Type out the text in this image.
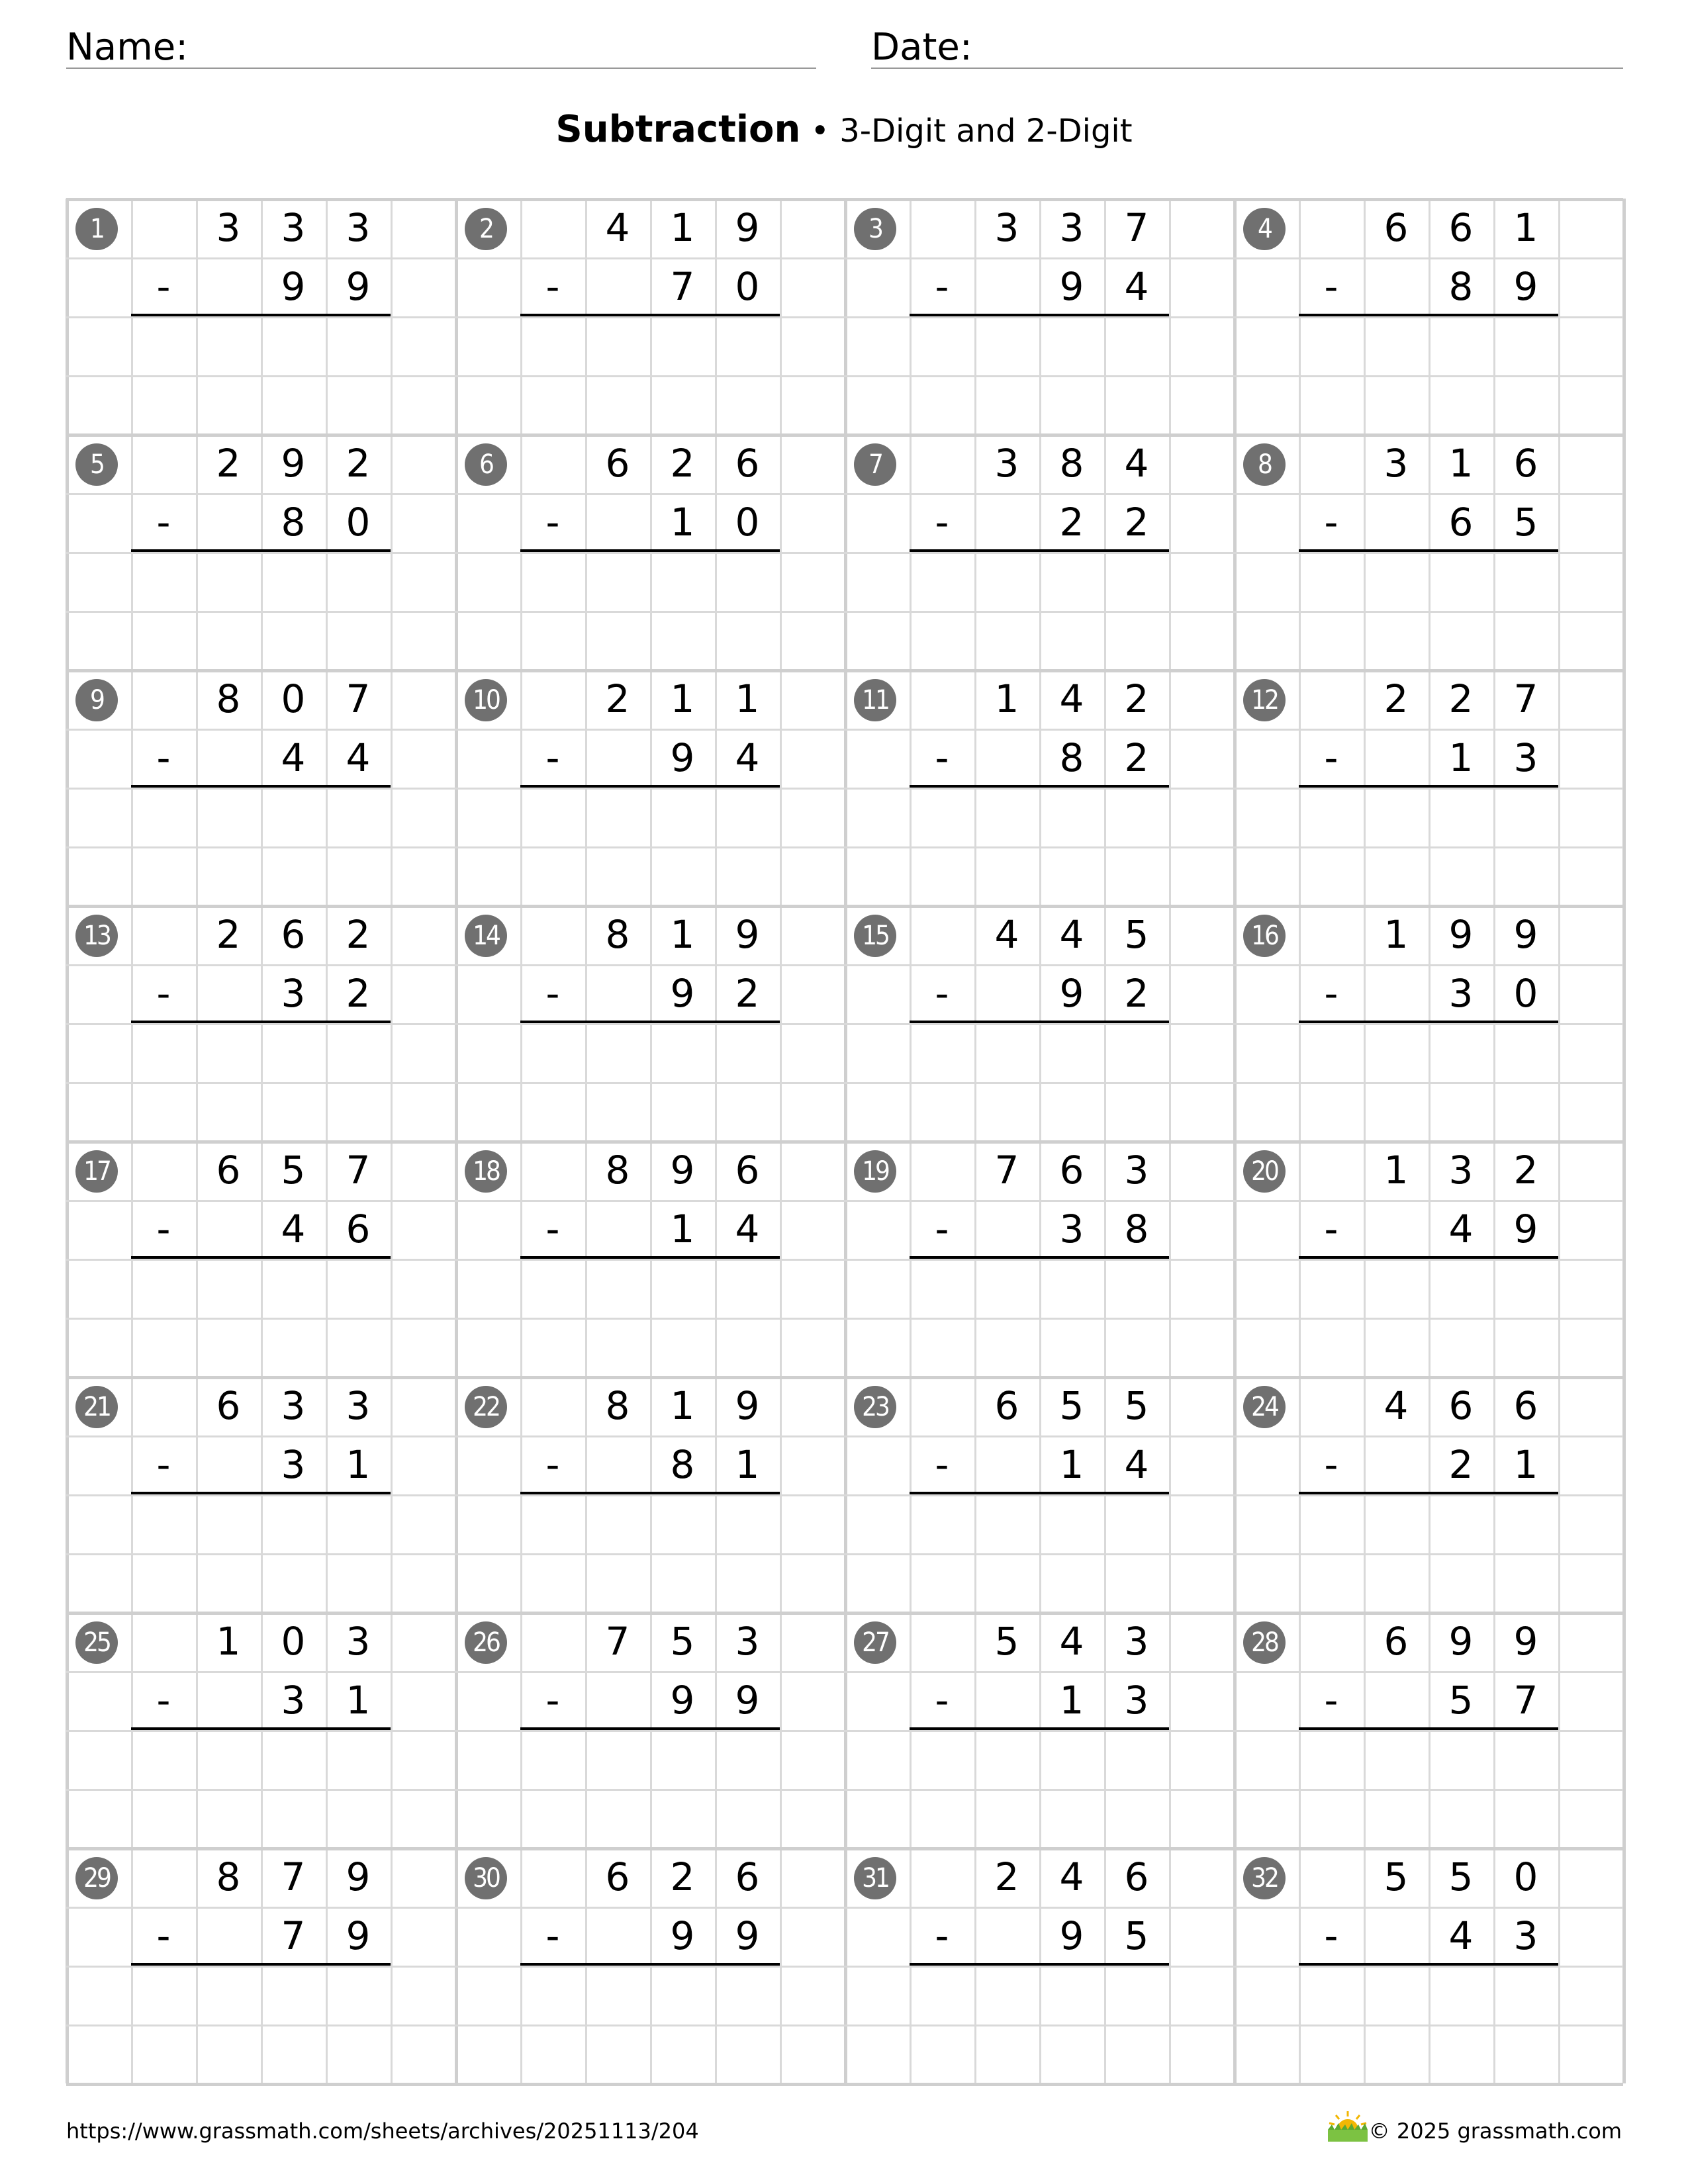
Name:	Date:
Subtraction • 3-Digit and 2-Digit
1	3	3	3
-	9	9
2	4	1	9
-	7	0
3	3	3	7
-	9	4
4	6	6	1
-	8	9
5	2	9	2
-	8	0
6	6	2	6
-	1	0
7	3	8	4
-	2	2
8	3	1	6
-	6	5
9	8	0	7
-	4	4
10	2	1	1
-	9	4
11	1	4	2
-	8	2
12	2	2	7
-	1	3
13	2	6	2
-	3	2
14	8	1	9
-	9	2
15	4	4	5
-	9	2
16	1	9	9
-	3	0
17	6	5	7
-	4	6
18	8	9	6
-	1	4
19	7	6	3
-	3	8
20	1	3	2
-	4	9
21	6	3	3
-	3	1
22	8	1	9
-	8	1
23	6	5	5
-	1	4
24	4	6	6
-	2	1
25	1	0	3
-	3	1
26	7	5	3
-	9	9
27	5	4	3
-	1	3
28	6	9	9
-	5	7
29	8	7	9
-	7	9
30	6	2	6
-	9	9
31	2	4	6
-	9	5
32	5	5	0
-	4	3
https://www.grassmath.com/sheets/archives/20251113/204	© 2025 grassmath.com
